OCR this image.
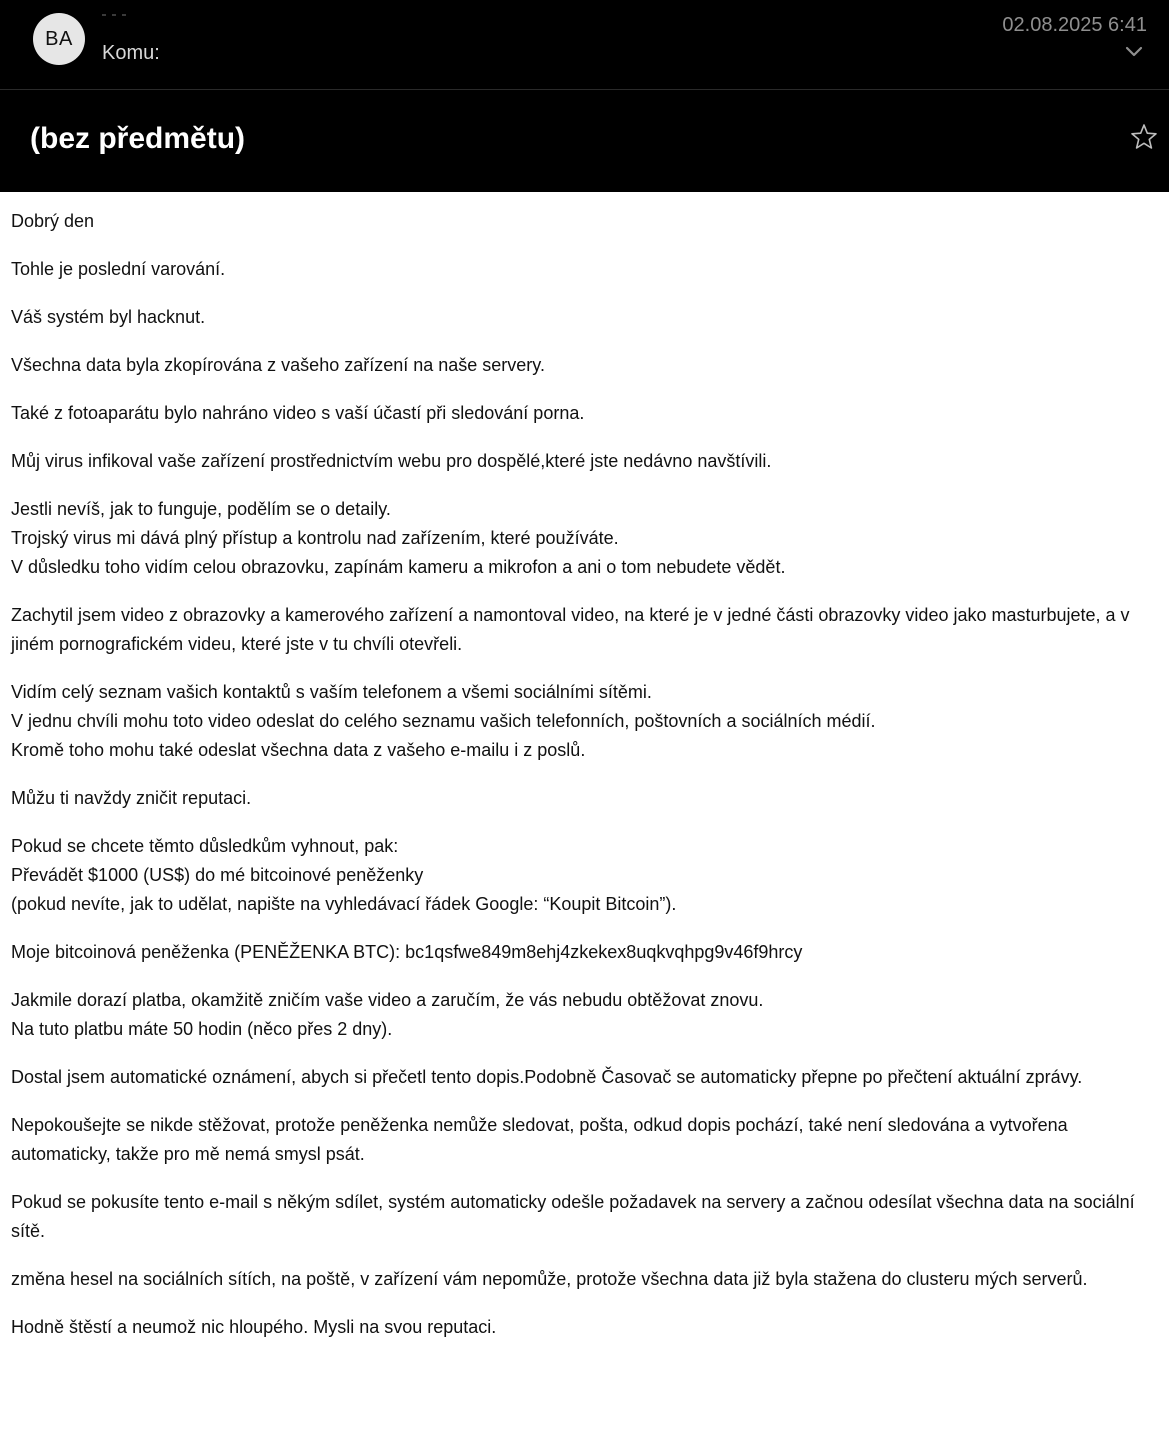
BA
Komu:
02.08.2025 6:41
(bez předmětu)

Dobrý den

Tohle je poslední varování.

Váš systém byl hacknut.

Všechna data byla zkopírována z vašeho zařízení na naše servery.

Také z fotoaparátu bylo nahráno video s vaší účastí při sledování porna.

Můj virus infikoval vaše zařízení prostřednictvím webu pro dospělé,které jste nedávno navštívili.

Jestli nevíš, jak to funguje, podělím se o detaily.
Trojský virus mi dává plný přístup a kontrolu nad zařízením, které používáte.
V důsledku toho vidím celou obrazovku, zapínám kameru a mikrofon a ani o tom nebudete vědět.

Zachytil jsem video z obrazovky a kamerového zařízení a namontoval video, na které je v jedné části obrazovky video jako masturbujete, a v jiném pornografickém videu, které jste v tu chvíli otevřeli.

Vidím celý seznam vašich kontaktů s vaším telefonem a všemi sociálními sítěmi.
V jednu chvíli mohu toto video odeslat do celého seznamu vašich telefonních, poštovních a sociálních médií.
Kromě toho mohu také odeslat všechna data z vašeho e-mailu i z poslů.

Můžu ti navždy zničit reputaci.

Pokud se chcete těmto důsledkům vyhnout, pak:
Převádět $1000 (US$) do mé bitcoinové peněženky
(pokud nevíte, jak to udělat, napište na vyhledávací řádek Google: “Koupit Bitcoin”).

Moje bitcoinová peněženka (PENĚŽENKA BTC): bc1qsfwe849m8ehj4zkekex8uqkvqhpg9v46f9hrcy

Jakmile dorazí platba, okamžitě zničím vaše video a zaručím, že vás nebudu obtěžovat znovu.
Na tuto platbu máte 50 hodin (něco přes 2 dny).

Dostal jsem automatické oznámení, abych si přečetl tento dopis.Podobně Časovač se automaticky přepne po přečtení aktuální zprávy.

Nepokoušejte se nikde stěžovat, protože peněženka nemůže sledovat, pošta, odkud dopis pochází, také není sledována a vytvořena automaticky, takže pro mě nemá smysl psát.

Pokud se pokusíte tento e-mail s někým sdílet, systém automaticky odešle požadavek na servery a začnou odesílat všechna data na sociální sítě.

změna hesel na sociálních sítích, na poště, v zařízení vám nepomůže, protože všechna data již byla stažena do clusteru mých serverů.

Hodně štěstí a neumož nic hloupého. Mysli na svou reputaci.
